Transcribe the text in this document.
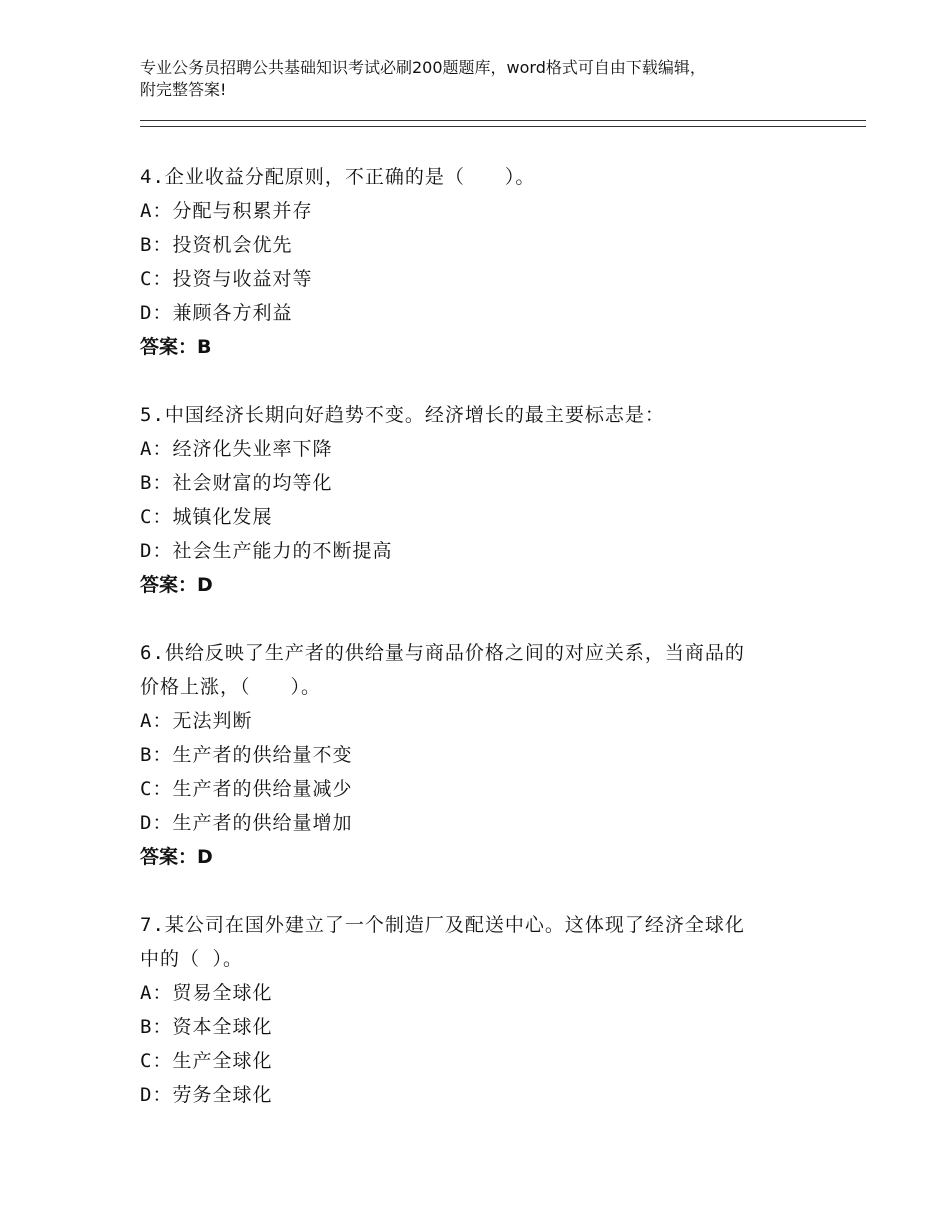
专业公务员招聘公共基础知识考试必刷200题题库，word格式可自由下载编辑，
附完整答案!
4.企业收益分配原则，不正确的是（　　）。
A：分配与积累并存
B：投资机会优先
C：投资与收益对等
D：兼顾各方利益
答案：B
5.中国经济长期向好趋势不变。经济增长的最主要标志是：
A：经济化失业率下降
B：社会财富的均等化
C：城镇化发展
D：社会生产能力的不断提高
答案：D
6.供给反映了生产者的供给量与商品价格之间的对应关系，当商品的
价格上涨，（　　）。
A：无法判断
B：生产者的供给量不变
C：生产者的供给量减少
D：生产者的供给量增加
答案：D
7.某公司在国外建立了一个制造厂及配送中心。这体现了经济全球化
中的（ ）。
A：贸易全球化
B：资本全球化
C：生产全球化
D：劳务全球化
